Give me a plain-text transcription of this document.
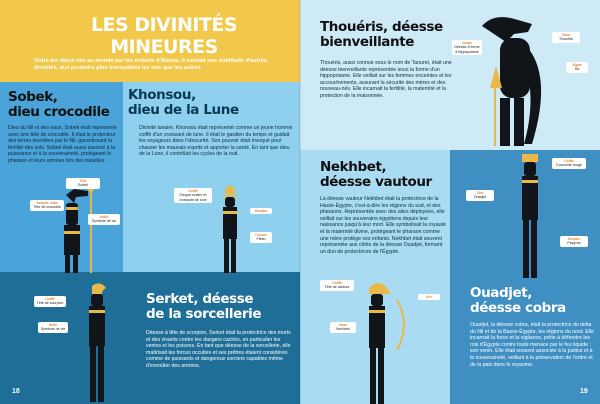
LES DIVINITÉS MINEURES
Outre les dieux mis au monde par les enfants d'Atoum, il existait une multitude d'autres divinités, aux pouvoirs plus incroyables les uns que les autres.
Sobek,
dieu crocodile
Dieu du Nil et des eaux, Sobek était représenté avec une tête de crocodile. Il était le protecteur des terres inondées par le Nil, garantissant la fertilité des sols. Sobek était aussi associé à la puissance et à la souveraineté, protégeant le pharaon et leurs armées lors des batailles.
Tête
Sobek
Sceptre ouas
Tête de crocodile
Ankh
Symbole de vie
Khonsou,
dieu de la Lune
Divinité lunaire, Khonsou était représenté comme un jeune homme coiffé d'un croissant de lune. Il était le gardien du temps et guidait les voyageurs dans l'obscurité. Son pouvoir était invoqué pour chasser les mauvais esprits et apporter la santé. En tant que dieu de la Lune, il contrôlait les cycles de la nuit.
Coiffe
Disque lunaire et croissant de lune
Sceptre
Crosse
Fléau
Coiffe
Tête de scorpion
Ankh
Symbole de vie
Serket, déesse
de la sorcellerie
Déesse à tête de scorpion, Serket était la protectrice des morts et des vivants contre les dangers cachés, en particulier les venins et les poisons. En tant que déesse de la sorcellerie, elle maîtrisait les forces occultes et ses prêtres étaient considérés comme de puissants et dangereux sorciers capables même d'envoûter des armées.
18
Thouéris, déesse
bienveillante
Thouéris, aussi connue sous le nom de Taouret, était une déesse bienveillante représentée sous la forme d'un hippopotame. Elle veillait sur les femmes enceintes et les accouchements, assurant la sécurité des mères et des nouveau-nés. Elle incarnait la fertilité, la maternité et la protection de la maisonnée.
Corps
Déesse à forme d'hippopotame
Nom
Thouéris
Signe
Sa
Nekhbet,
déesse vautour
La déesse vautour Nekhbet était la protectrice de la Haute-Égypte, c'est-à-dire les régions du sud, et des pharaons. Représentée avec des ailes déployées, elle veillait sur les souverains égyptiens depuis leur naissance jusqu'à leur mort. Elle symbolisait la royauté et la maternité divine, protégeant le pharaon comme une mère protège ses enfants. Nekhbet était souvent représentée aux côtés de la déesse Ouadjet, formant un duo de protectrices de l'Égypte.
Coiffe
Tête de vautour
Arc
Nom
Nekhbet
Coiffe
Couronne rouge
Tête
Ouadjet
Sceptre
Papyrus
Ouadjet,
déesse cobra
Ouadjet, la déesse cobra, était la protectrice du delta du Nil et de la Basse-Égypte, les régions du nord. Elle incarnait la force et la vigilance, prête à défendre les rois d'Égypte contre toute menace par le feu liquide : son venin. Elle était souvent associée à la justice et à la souveraineté, veillant à la préservation de l'ordre et de la paix dans le royaume.
19
